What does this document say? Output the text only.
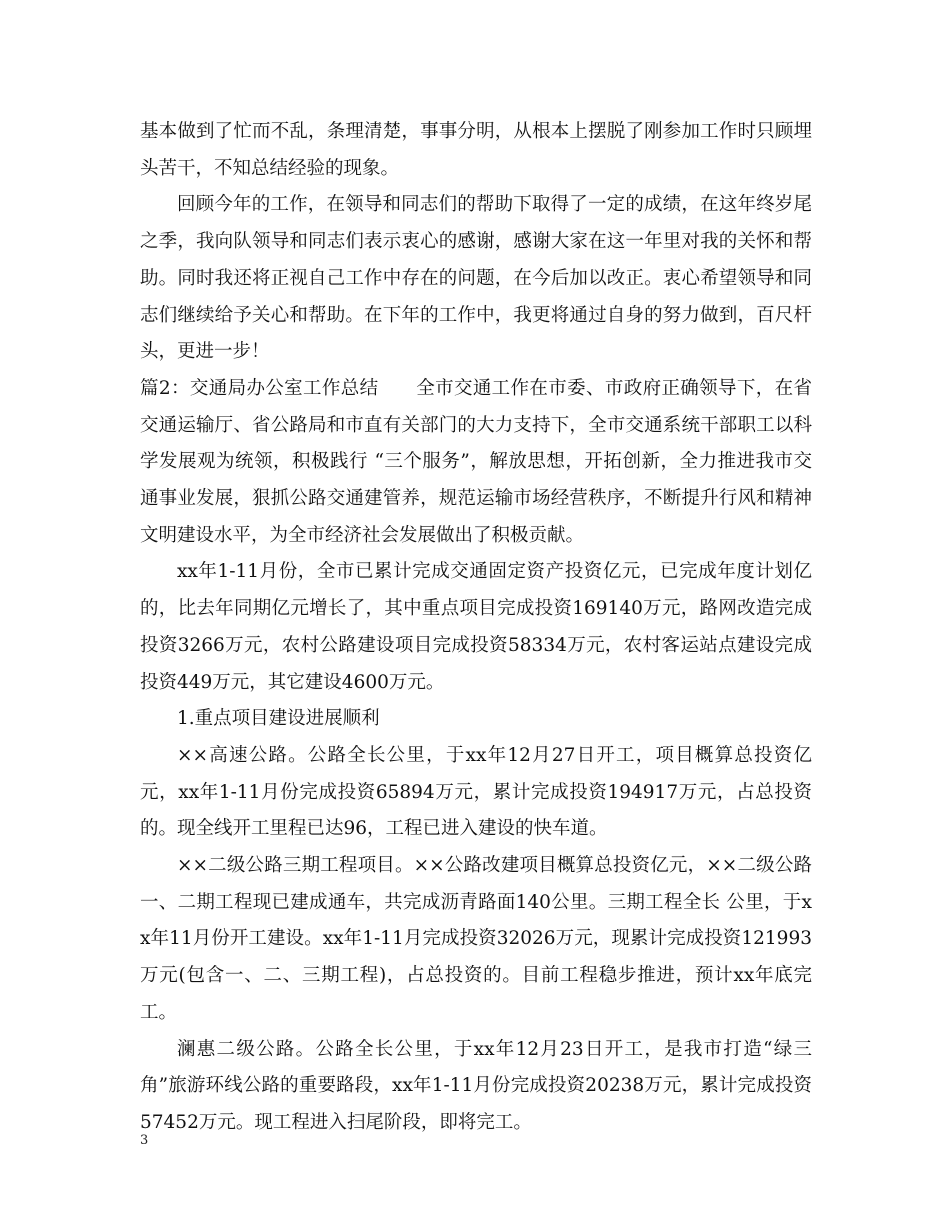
基本做到了忙而不乱，条理清楚，事事分明，从根本上摆脱了刚参加工作时只顾埋头苦干，不知总结经验的现象。

回顾今年的工作，在领导和同志们的帮助下取得了一定的成绩，在这年终岁尾之季，我向队领导和同志们表示衷心的感谢，感谢大家在这一年里对我的关怀和帮助。同时我还将正视自己工作中存在的问题，在今后加以改正。衷心希望领导和同志们继续给予关心和帮助。在下年的工作中，我更将通过自身的努力做到，百尺杆头，更进一步！

篇2：交通局办公室工作总结　　全市交通工作在市委、市政府正确领导下，在省交通运输厅、省公路局和市直有关部门的大力支持下，全市交通系统干部职工以科学发展观为统领，积极践行 “三个服务”，解放思想，开拓创新，全力推进我市交通事业发展，狠抓公路交通建管养，规范运输市场经营秩序，不断提升行风和精神文明建设水平，为全市经济社会发展做出了积极贡献。

xx年1-11月份，全市已累计完成交通固定资产投资亿元，已完成年度计划亿的，比去年同期亿元增长了，其中重点项目完成投资169140万元，路网改造完成投资3266万元，农村公路建设项目完成投资58334万元，农村客运站点建设完成投资449万元，其它建设4600万元。

1.重点项目建设进展顺利

××高速公路。公路全长公里，于xx年12月27日开工，项目概算总投资亿元，xx年1-11月份完成投资65894万元，累计完成投资194917万元，占总投资的。现全线开工里程已达96，工程已进入建设的快车道。

××二级公路三期工程项目。××公路改建项目概算总投资亿元，××二级公路一、二期工程现已建成通车，共完成沥青路面140公里。三期工程全长 公里，于xx年11月份开工建设。xx年1-11月完成投资32026万元，现累计完成投资121993万元(包含一、二、三期工程)，占总投资的。目前工程稳步推进，预计xx年底完工。

澜惠二级公路。公路全长公里，于xx年12月23日开工，是我市打造“绿三角”旅游环线公路的重要路段，xx年1-11月份完成投资20238万元，累计完成投资57452万元。现工程进入扫尾阶段，即将完工。

3
